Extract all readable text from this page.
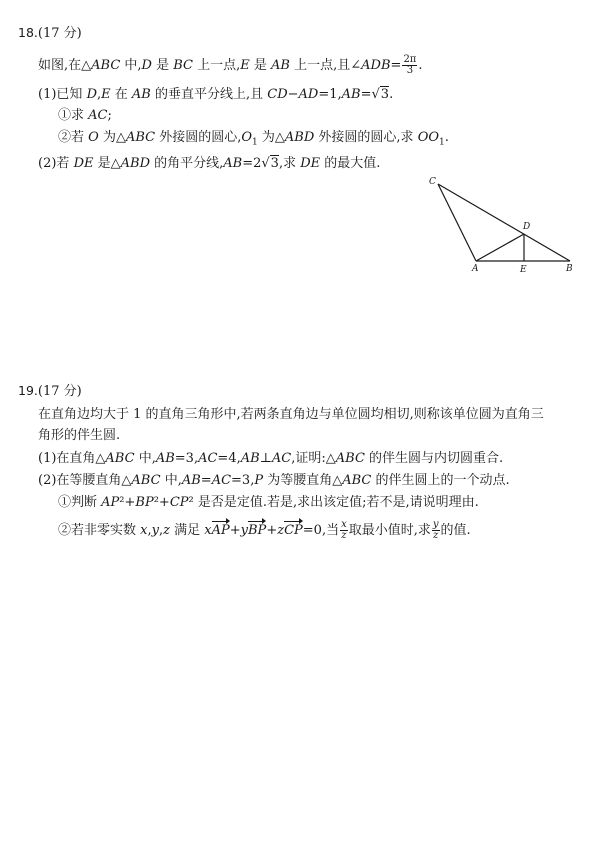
18.(17 分)
如图,在△ABC 中,D 是 BC 上一点,E 是 AB 上一点,且∠ADB= $\frac{2\pi}{3}$ .
(1)已知 D,E 在 AB 的垂直平分线上,且 CD−AD=1,AB=√3.
①求 AC;
②若 O 为△ABC 外接圆的圆心$,O_1$ 为△ABD 外接圆的圆心,求 $OO_1$.
(2)若 DE 是△ABD 的角平分线,AB=2√3,求 DE 的最大值.
C
D
A	E	B
19.(17 分)
在直角边均大于 1 的直角三角形中,若两条直角边与单位圆均相切,则称该单位圆为直角三
角形的伴生圆.
(1)在直角△ABC 中,AB=3,AC=4,AB⊥AC,证明:△ABC 的伴生圆与内切圆重合.
(2)在等腰直角△ABC 中,AB=AC=3,P 为等腰直角△ABC 的伴生圆上的一个动点.
①判断 AP²+BP²+CP² 是否是定值.若是,求出该定值;若不是,请说明理由.
②若非零实数 x,y,z 满足 xAP+yBP+zCP=0,当 $\frac{x}{z}$ 取最小值时,求 $\frac{y}{z}$ 的值.
